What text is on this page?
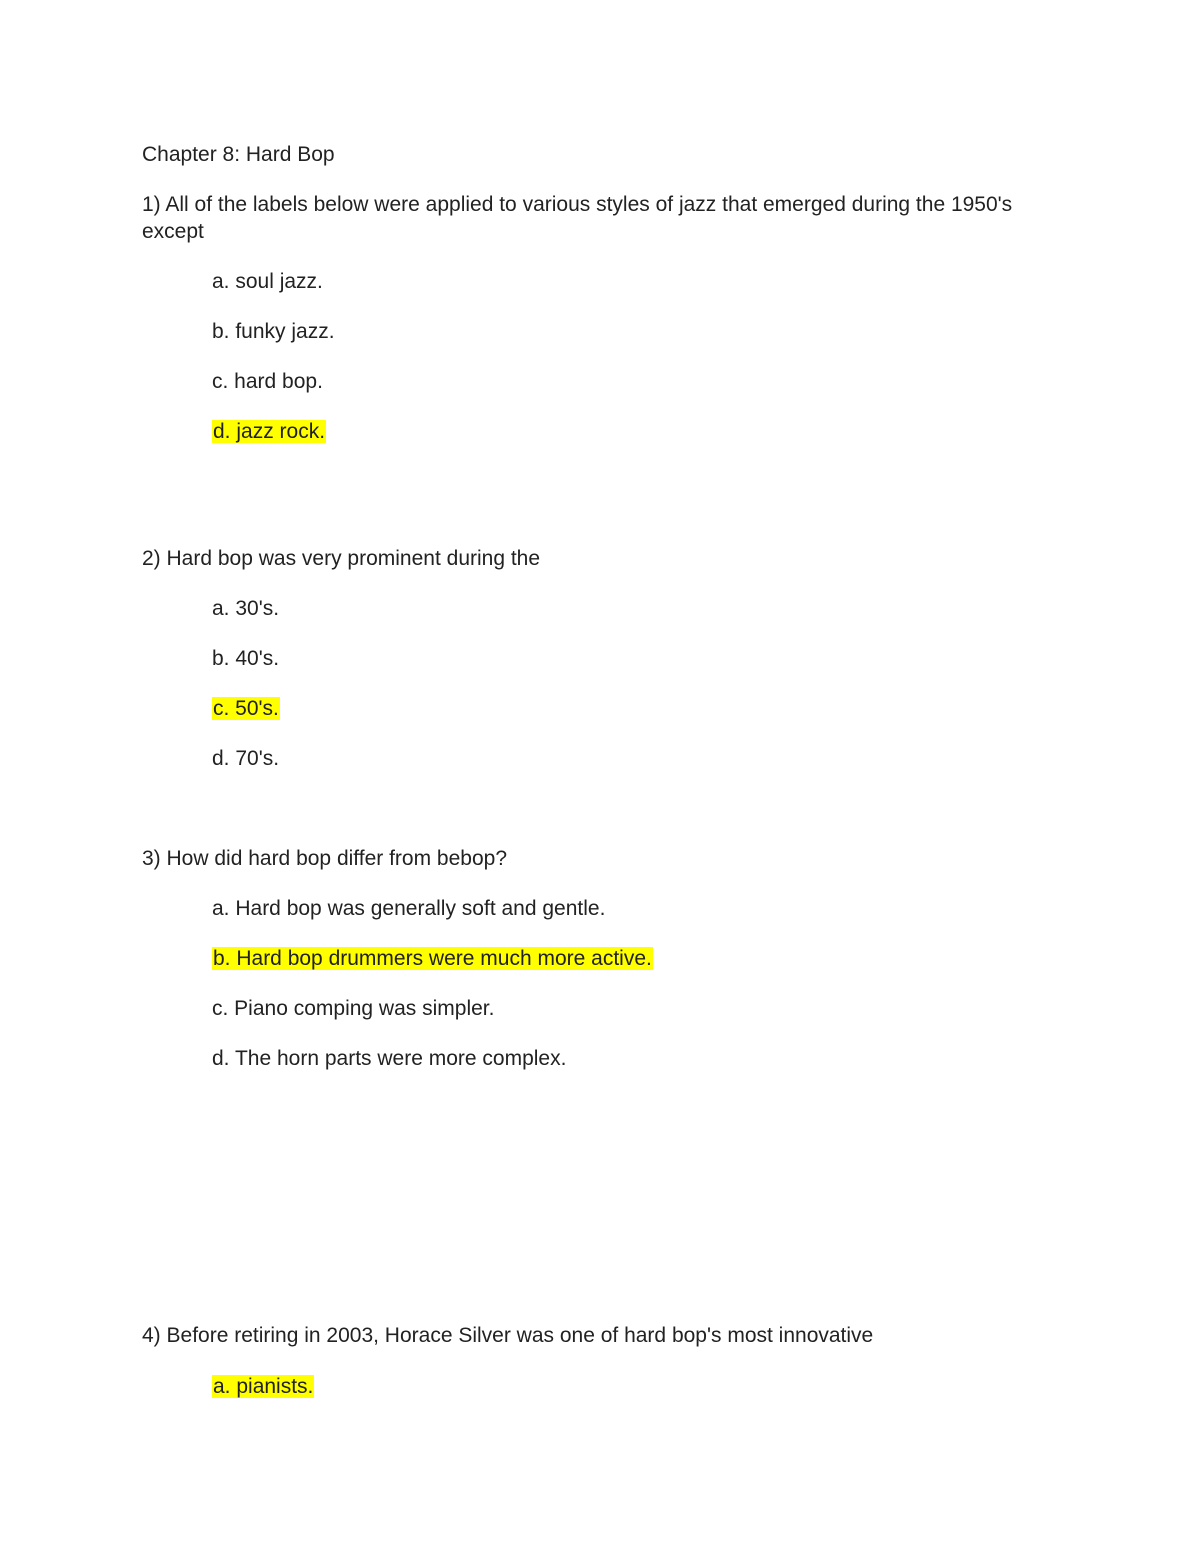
Chapter 8: Hard Bop
1) All of the labels below were applied to various styles of jazz that emerged during the 1950's except
a. soul jazz.
b. funky jazz.
c. hard bop.
d. jazz rock.
2) Hard bop was very prominent during the
a. 30's.
b. 40's.
c. 50's.
d. 70's.
3) How did hard bop differ from bebop?
a. Hard bop was generally soft and gentle.
b. Hard bop drummers were much more active.
c. Piano comping was simpler.
d. The horn parts were more complex.
4) Before retiring in 2003, Horace Silver was one of hard bop's most innovative
a. pianists.
